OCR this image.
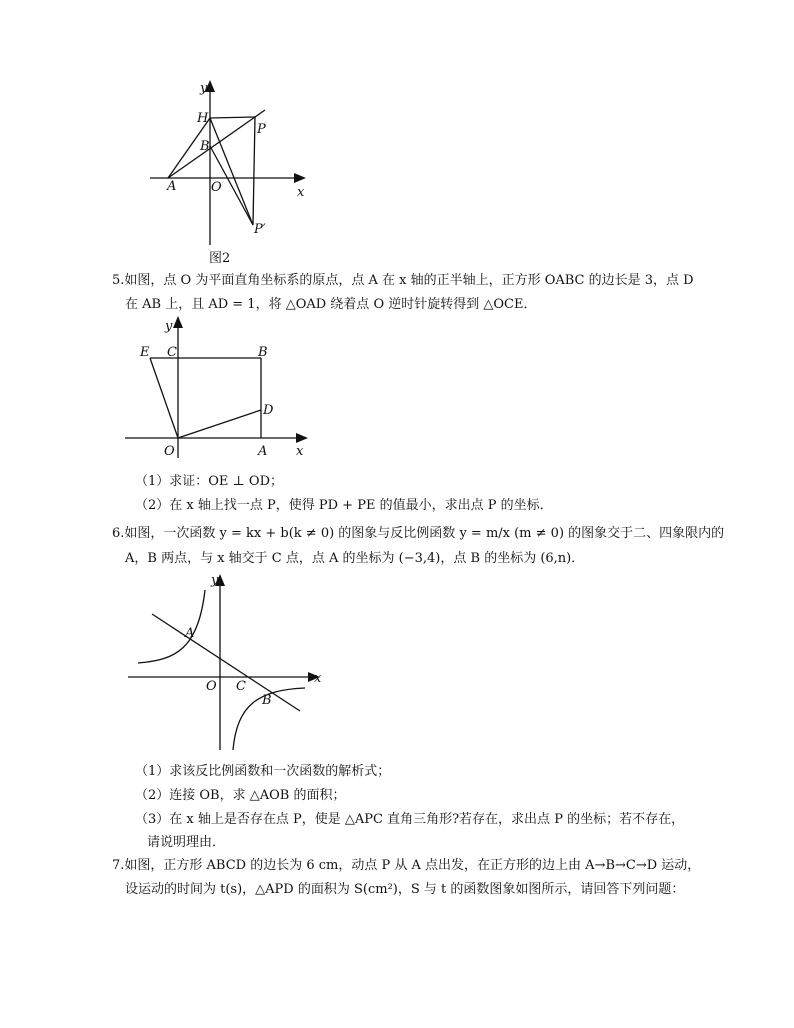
y
H
P
B
A	O	x
P′
图2
5.如图，点 O 为平面直角坐标系的原点，点 A 在 x 轴的正半轴上，正方形 OABC 的边长是 3，点 D
在 AB 上，且 AD = 1，将 △OAD 绕着点 O 逆时针旋转得到 △OCE．
y
E C	B
D
O	A x
（1）求证：OE ⊥ OD；
（2）在 x 轴上找一点 P，使得 PD + PE 的值最小，求出点 P 的坐标．
6.如图，一次函数 y = kx + b(k ≠ 0) 的图象与反比例函数 y = m/x (m ≠ 0) 的图象交于二、四象限内的
A，B 两点，与 x 轴交于 C 点，点 A 的坐标为 (−3,4)，点 B 的坐标为 (6,n)．
y
A
O C
B
x
（1）求该反比例函数和一次函数的解析式；
（2）连接 OB，求 △AOB 的面积；
（3）在 x 轴上是否存在点 P，使是 △APC 直角三角形?若存在，求出点 P 的坐标；若不存在，
请说明理由．
7.如图，正方形 ABCD 的边长为 6 cm，动点 P 从 A 点出发，在正方形的边上由 A→B→C→D 运动，
设运动的时间为 t(s)，△APD 的面积为 S(cm²)，S 与 t 的函数图象如图所示，请回答下列问题：
